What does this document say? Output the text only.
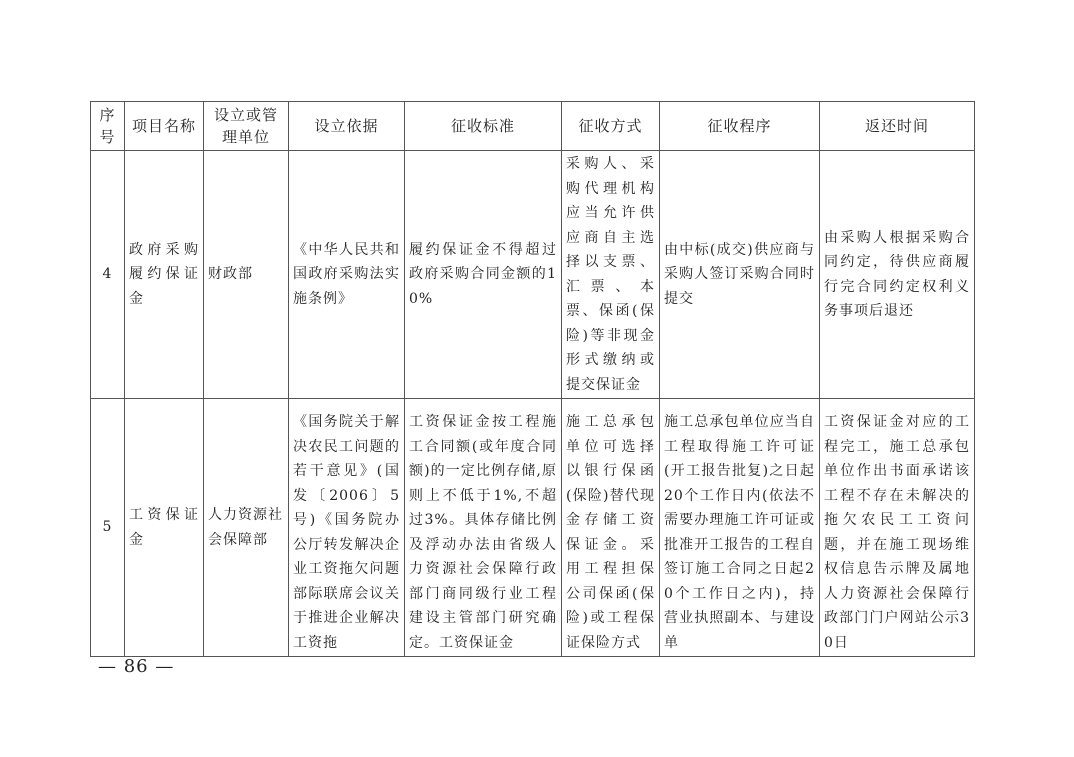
序号	项目名称	设立或管理单位	设立依据	征收标准	征收方式	征收程序	返还时间
4	政府采购履约保证金	财政部	《中华人民共和国政府采购法实施条例》	履约保证金不得超过政府采购合同金额的10%	采购人、采购代理机构应当允许供应商自主选择以支票、汇票、本票、保函(保险)等非现金形式缴纳或提交保证金	由中标(成交)供应商与采购人签订采购合同时提交	由采购人根据采购合同约定，待供应商履行完合同约定权利义务事项后退还
5	工资保证金	人力资源社会保障部	《国务院关于解决农民工问题的若干意见》(国发〔2006〕5号)《国务院办公厅转发解决企业工资拖欠问题部际联席会议关于推进企业解决工资拖	工资保证金按工程施工合同额(或年度合同额)的一定比例存储,原则上不低于1%,不超过3%。具体存储比例及浮动办法由省级人力资源社会保障行政部门商同级行业工程建设主管部门研究确定。工资保证金	施工总承包单位可选择以银行保函(保险)替代现金存储工资保证金。采用工程担保公司保函(保险)或工程保证保险方式	施工总承包单位应当自工程取得施工许可证(开工报告批复)之日起20个工作日内(依法不需要办理施工许可证或批准开工报告的工程自签订施工合同之日起20个工作日之内)，持营业执照副本、与建设单	工资保证金对应的工程完工，施工总承包单位作出书面承诺该工程不存在未解决的拖欠农民工工资问题，并在施工现场维权信息告示牌及属地人力资源社会保障行政部门门户网站公示30日
— 86 —
